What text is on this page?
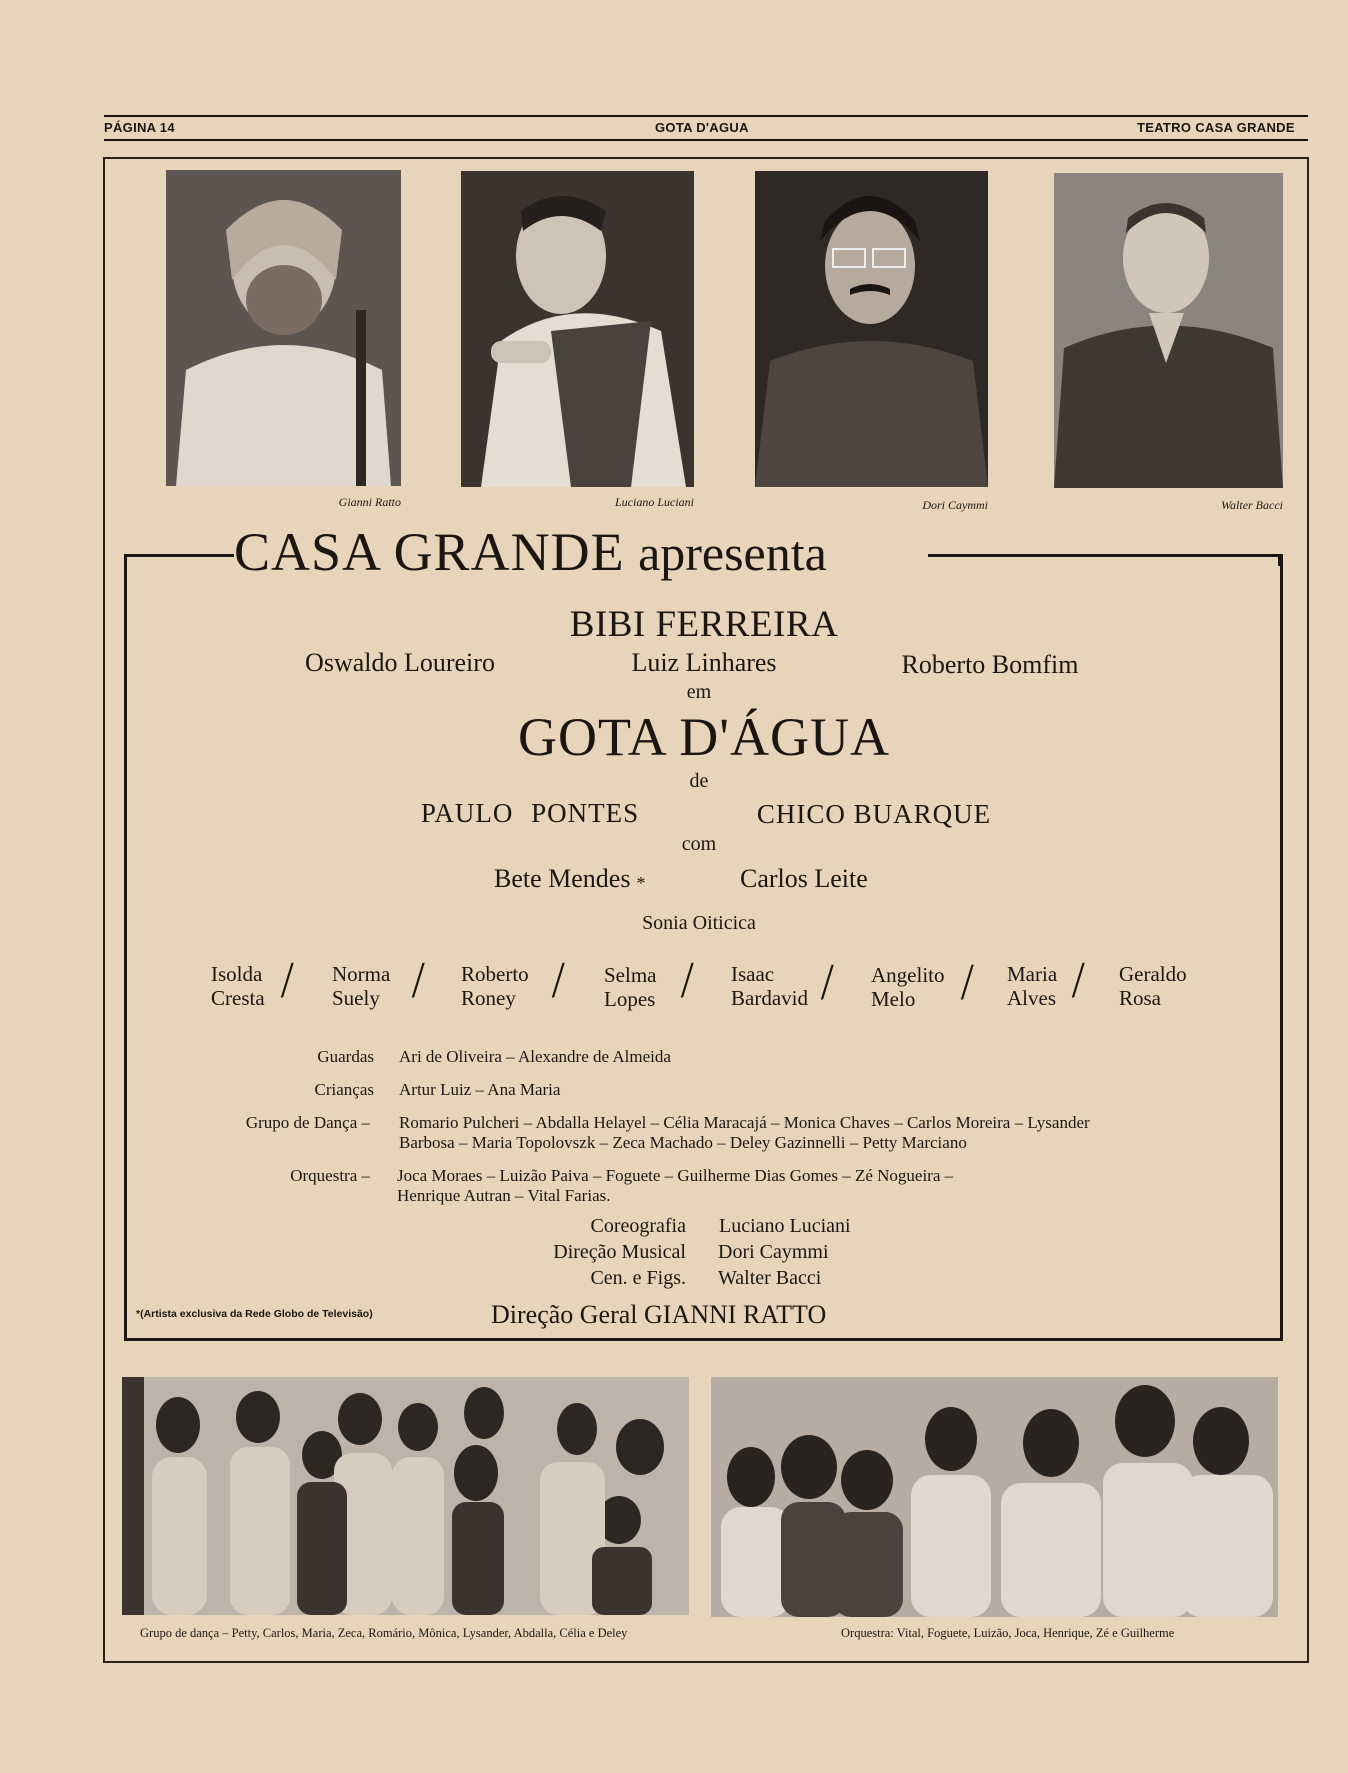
PÁGINA 14	GOTA D'AGUA	TEATRO CASA GRANDE
Gianni Ratto	Luciano Luciani	Dori Caymmi	Walter Bacci
CASA GRANDE apresenta
BIBI FERREIRA
Oswaldo Loureiro	Luiz Linhares	Roberto Bomfim
em
GOTA D'ÁGUA
de
PAULO PONTES	CHICO BUARQUE
com
Bete Mendes *	Carlos Leite
Sonia Oiticica
Isolda
Cresta / Norma
Suely / Roberto
Roney / Selma
Lopes / Isaac
Bardavid / Angelito
Melo / Maria
Alves / Geraldo
Rosa
Guardas Ari de Oliveira – Alexandre de Almeida
Crianças Artur Luiz – Ana Maria
Grupo de Dança – Romario Pulcheri – Abdalla Helayel – Célia Maracajá – Monica Chaves – Carlos Moreira – Lysander
Barbosa – Maria Topolovszk – Zeca Machado – Deley Gazinnelli – Petty Marciano
Orquestra – Joca Moraes – Luizão Paiva – Foguete – Guilherme Dias Gomes – Zé Nogueira –
Henrique Autran – Vital Farias.
Coreografia Luciano Luciani
Direção Musical Dori Caymmi
Cen. e Figs. Walter Bacci
*(Artista exclusiva da Rede Globo de Televisão)	Direção Geral GIANNI RATTO
Grupo de dança – Petty, Carlos, Maria, Zeca, Romário, Mônica, Lysander, Abdalla, Célia e Deley	Orquestra: Vital, Foguete, Luizão, Joca, Henrique, Zé e Guilherme
